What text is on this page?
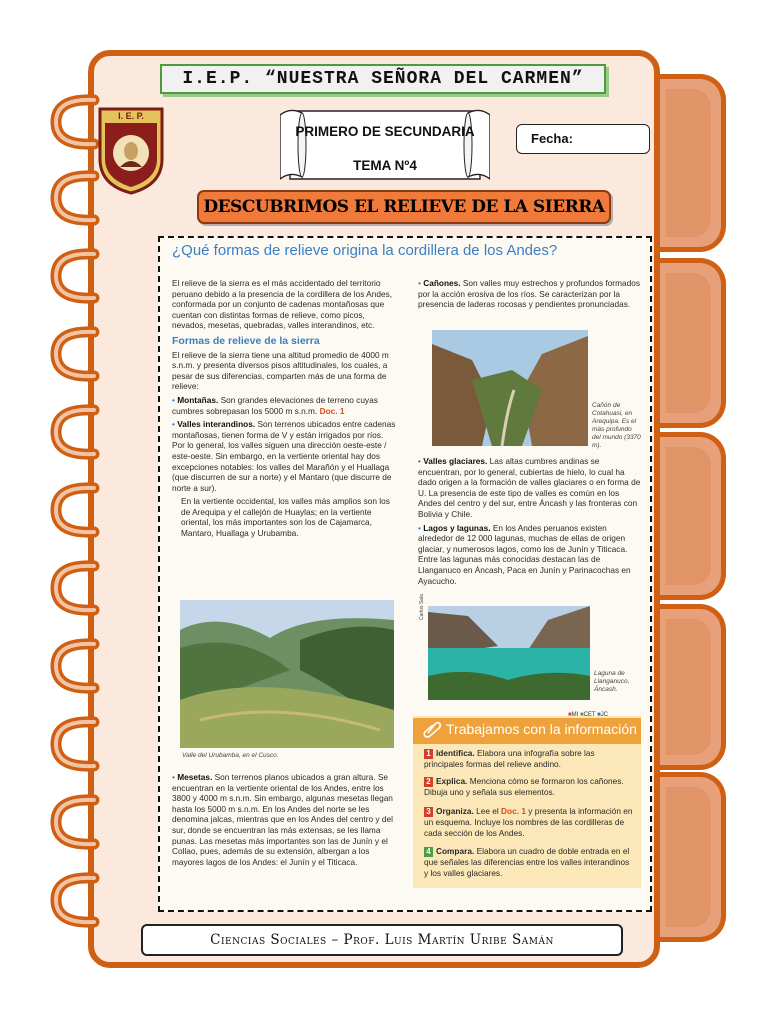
I.E.P. “NUESTRA SEÑORA DEL CARMEN”
I. E. P.
PRIMERO DE SECUNDARIA
TEMA Nº4
Fecha:
DESCUBRIMOS EL RELIEVE DE LA SIERRA
¿Qué formas de relieve origina la cordillera de los Andes?

El relieve de la sierra es el más accidentado del territorio peruano debido a la presencia de la cordillera de los Andes, conformada por un conjunto de cadenas montañosas que cuentan con distintas formas de relieve, como picos, nevados, mesetas, quebradas, valles interandinos, etc.

Formas de relieve de la sierra

El relieve de la sierra tiene una altitud promedio de 4000 m s.n.m. y presenta diversos pisos altitudinales, los cuales, a pesar de sus diferencias, comparten más de una forma de relieve:

• Montañas. Son grandes elevaciones de terreno cuyas cumbres sobrepasan los 5000 m s.n.m. Doc. 1

• Valles interandinos. Son terrenos ubicados entre cadenas montañosas, tienen forma de V y están irrigados por ríos. Por lo general, los valles siguen una dirección oeste-este / este-oeste. Sin embargo, en la vertiente oriental hay dos excepciones notables: los valles del Marañón y el Huallaga (que discurren de sur a norte) y el Mantaro (que discurre de norte a sur).

En la vertiente occidental, los valles más amplios son los de Arequipa y el callejón de Huaylas; en la vertiente oriental, los más importantes son los de Cajamarca, Mantaro, Huallaga y Urubamba.

Valle del Urubamba, en el Cusco.

• Mesetas. Son terrenos planos ubicados a gran altura. Se encuentran en la vertiente oriental de los Andes, entre los 3800 y 4000 m s.n.m. Sin embargo, algunas mesetas llegan hasta los 5000 m s.n.m. En los Andes del norte se les denomina jalcas, mientras que en los Andes del centro y del sur, donde se encuentran las más extensas, se les llama punas. Las mesetas más importantes son las de Junín y el Collao, pues, además de su extensión, albergan a los mayores lagos de los Andes: el Junín y el Titicaca.

• Cañones. Son valles muy estrechos y profundos formados por la acción erosiva de los ríos. Se caracterizan por la presencia de laderas rocosas y pendientes pronunciadas.

Cañón de Cotahuasi, en Arequipa. Es el más profundo del mundo (3370 m).

• Valles glaciares. Las altas cumbres andinas se encuentran, por lo general, cubiertas de hielo, lo cual ha dado origen a la formación de valles glaciares o en forma de U. La presencia de este tipo de valles es común en los Andes del centro y del sur, entre Áncash y las fronteras con Bolivia y Chile.

• Lagos y lagunas. En los Andes peruanos existen alrededor de 12 000 lagunas, muchas de ellas de origen glaciar, y numerosos lagos, como los de Junín y Titicaca. Entre las lagunas más conocidas destacan las de Llanganuco en Áncash, Paca en Junín y Parinacochas en Ayacucho.

Carlos Sala
Laguna de Llanganuco, Áncash.
Trabajamos con la información
■MI ■CET ■JC
1 Identifica. Elabora una infografía sobre las principales formas del relieve andino.
2 Explica. Menciona cómo se formaron los cañones. Dibuja uno y señala sus elementos.
3 Organiza. Lee el Doc. 1 y presenta la información en un esquema. Incluye los nombres de las cordilleras de cada sección de los Andes.
4 Compara. Elabora un cuadro de doble entrada en el que señales las diferencias entre los valles interandinos y los valles glaciares.
Ciencias Sociales – Prof. Luis Martín Uribe Samán
